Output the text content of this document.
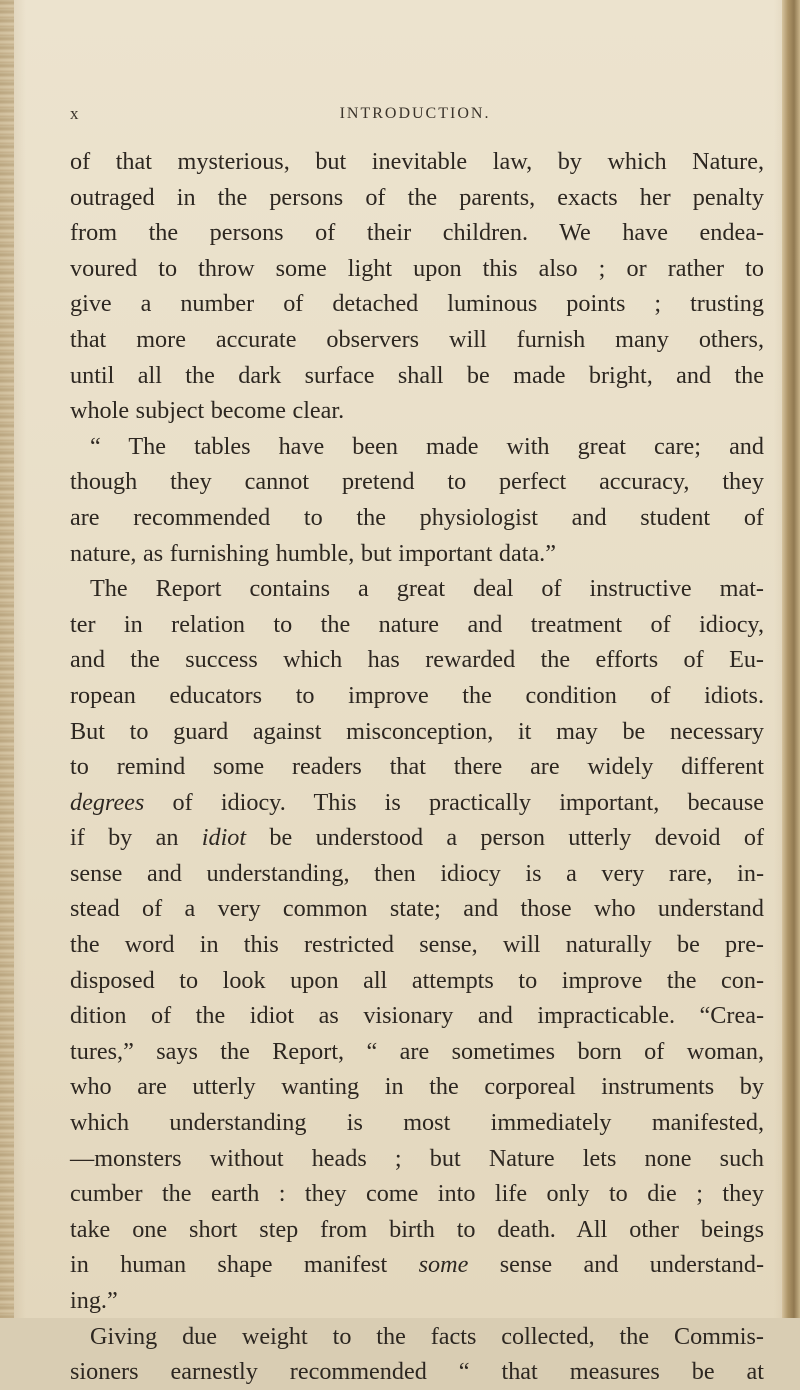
x	INTRODUCTION.
of that mysterious, but inevitable law, by which Nature,
outraged in the persons of the parents, exacts her penalty
from the persons of their children. We have endea-
voured to throw some light upon this also ; or rather to
give a number of detached luminous points ; trusting
that more accurate observers will furnish many others,
until all the dark surface shall be made bright, and the
whole subject become clear.
“ The tables have been made with great care; and
though they cannot pretend to perfect accuracy, they
are recommended to the physiologist and student of
nature, as furnishing humble, but important data.”
The Report contains a great deal of instructive mat-
ter in relation to the nature and treatment of idiocy,
and the success which has rewarded the efforts of Eu-
ropean educators to improve the condition of idiots.
But to guard against misconception, it may be necessary
to remind some readers that there are widely different
degrees of idiocy. This is practically important, because
if by an idiot be understood a person utterly devoid of
sense and understanding, then idiocy is a very rare, in-
stead of a very common state; and those who understand
the word in this restricted sense, will naturally be pre-
disposed to look upon all attempts to improve the con-
dition of the idiot as visionary and impracticable. “Crea-
tures,” says the Report, “ are sometimes born of woman,
who are utterly wanting in the corporeal instruments by
which understanding is most immediately manifested,
—monsters without heads ; but Nature lets none such
cumber the earth : they come into life only to die ; they
take one short step from birth to death. All other beings
in human shape manifest some sense and understand-
ing.”
Giving due weight to the facts collected, the Commis-
sioners earnestly recommended “ that measures be at
